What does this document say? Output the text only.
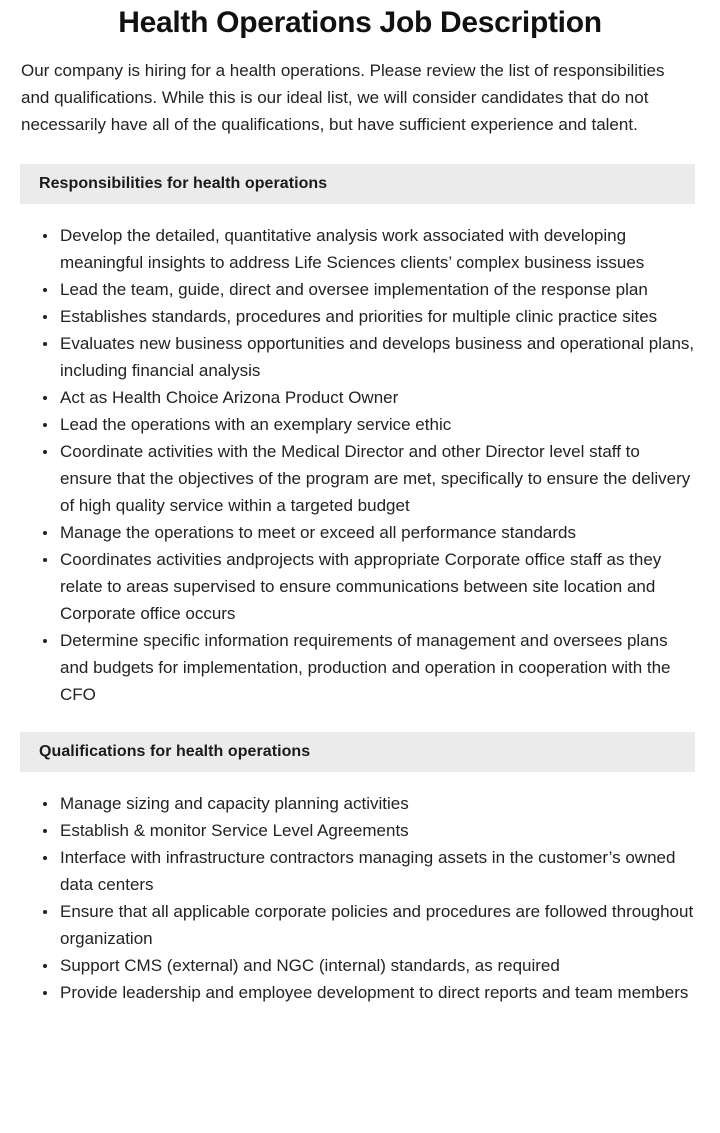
Health Operations Job Description

Our company is hiring for a health operations. Please review the list of responsibilities and qualifications. While this is our ideal list, we will consider candidates that do not necessarily have all of the qualifications, but have sufficient experience and talent.

Responsibilities for health operations
Develop the detailed, quantitative analysis work associated with developing meaningful insights to address Life Sciences clients’ complex business issues
Lead the team, guide, direct and oversee implementation of the response plan
Establishes standards, procedures and priorities for multiple clinic practice sites
Evaluates new business opportunities and develops business and operational plans, including financial analysis
Act as Health Choice Arizona Product Owner
Lead the operations with an exemplary service ethic
Coordinate activities with the Medical Director and other Director level staff to ensure that the objectives of the program are met, specifically to ensure the delivery of high quality service within a targeted budget
Manage the operations to meet or exceed all performance standards
Coordinates activities andprojects with appropriate Corporate office staff as they relate to areas supervised to ensure communications between site location and Corporate office occurs
Determine specific information requirements of management and oversees plans and budgets for implementation, production and operation in cooperation with the CFO
Qualifications for health operations
Manage sizing and capacity planning activities
Establish & monitor Service Level Agreements
Interface with infrastructure contractors managing assets in the customer’s owned data centers
Ensure that all applicable corporate policies and procedures are followed throughout organization
Support CMS (external) and NGC (internal) standards, as required
Provide leadership and employee development to direct reports and team members
